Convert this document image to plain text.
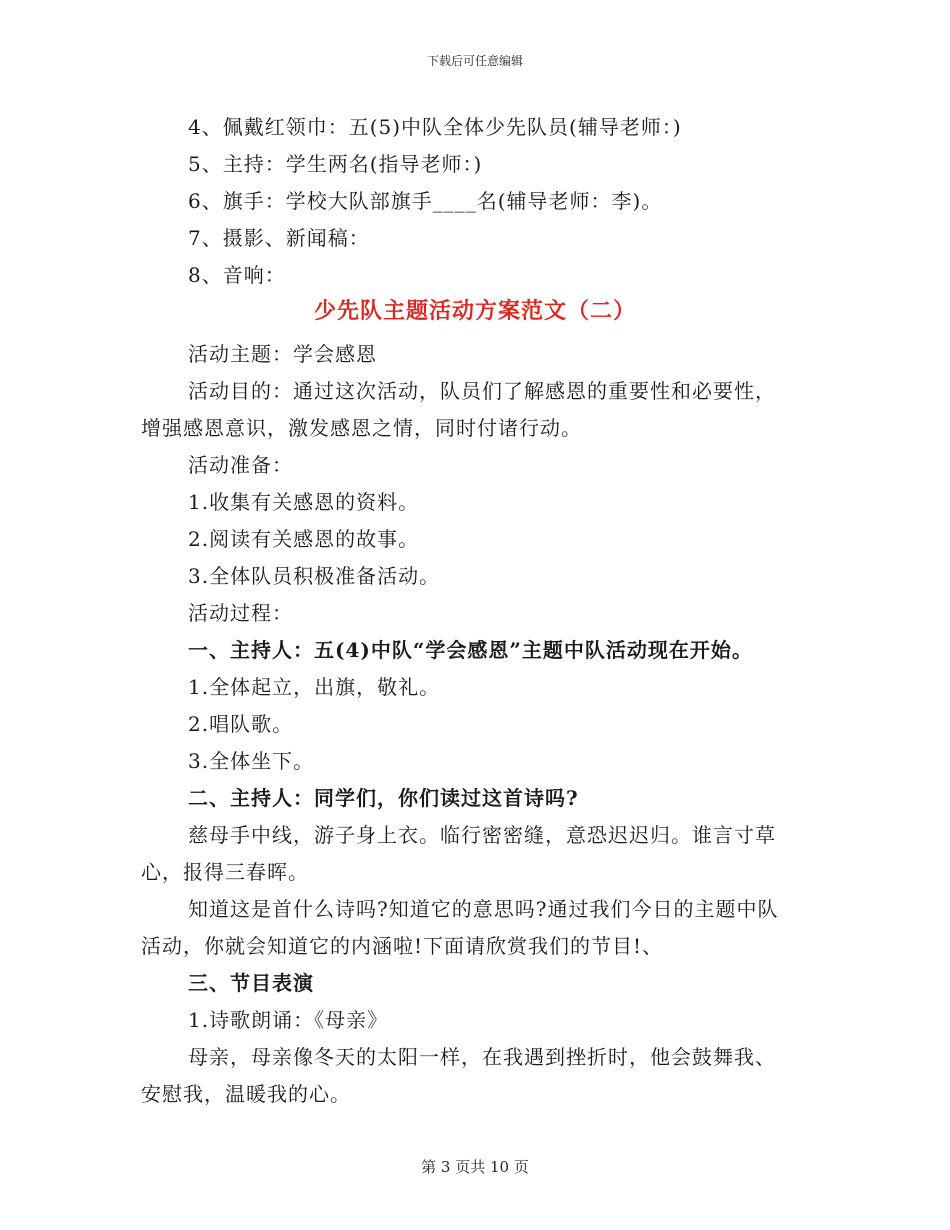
下载后可任意编辑
4、佩戴红领巾：五(5)中队全体少先队员(辅导老师：)
5、主持：学生两名(指导老师：)
6、旗手：学校大队部旗手____名(辅导老师：李)。
7、摄影、新闻稿：
8、音响：
少先队主题活动方案范文（二）
活动主题：学会感恩
活动目的：通过这次活动，队员们了解感恩的重要性和必要性，
增强感恩意识，激发感恩之情，同时付诸行动。
活动准备：
1.收集有关感恩的资料。
2.阅读有关感恩的故事。
3.全体队员积极准备活动。
活动过程：
一、主持人：五(4)中队“学会感恩”主题中队活动现在开始。
1.全体起立，出旗，敬礼。
2.唱队歌。
3.全体坐下。
二、主持人：同学们，你们读过这首诗吗?
慈母手中线，游子身上衣。临行密密缝，意恐迟迟归。谁言寸草
心，报得三春晖。
知道这是首什么诗吗?知道它的意思吗?通过我们今日的主题中队
活动，你就会知道它的内涵啦!下面请欣赏我们的节目!、
三、节目表演
1.诗歌朗诵：《母亲》
母亲，母亲像冬天的太阳一样，在我遇到挫折时，他会鼓舞我、
安慰我，温暖我的心。
第 3 页共 10 页
